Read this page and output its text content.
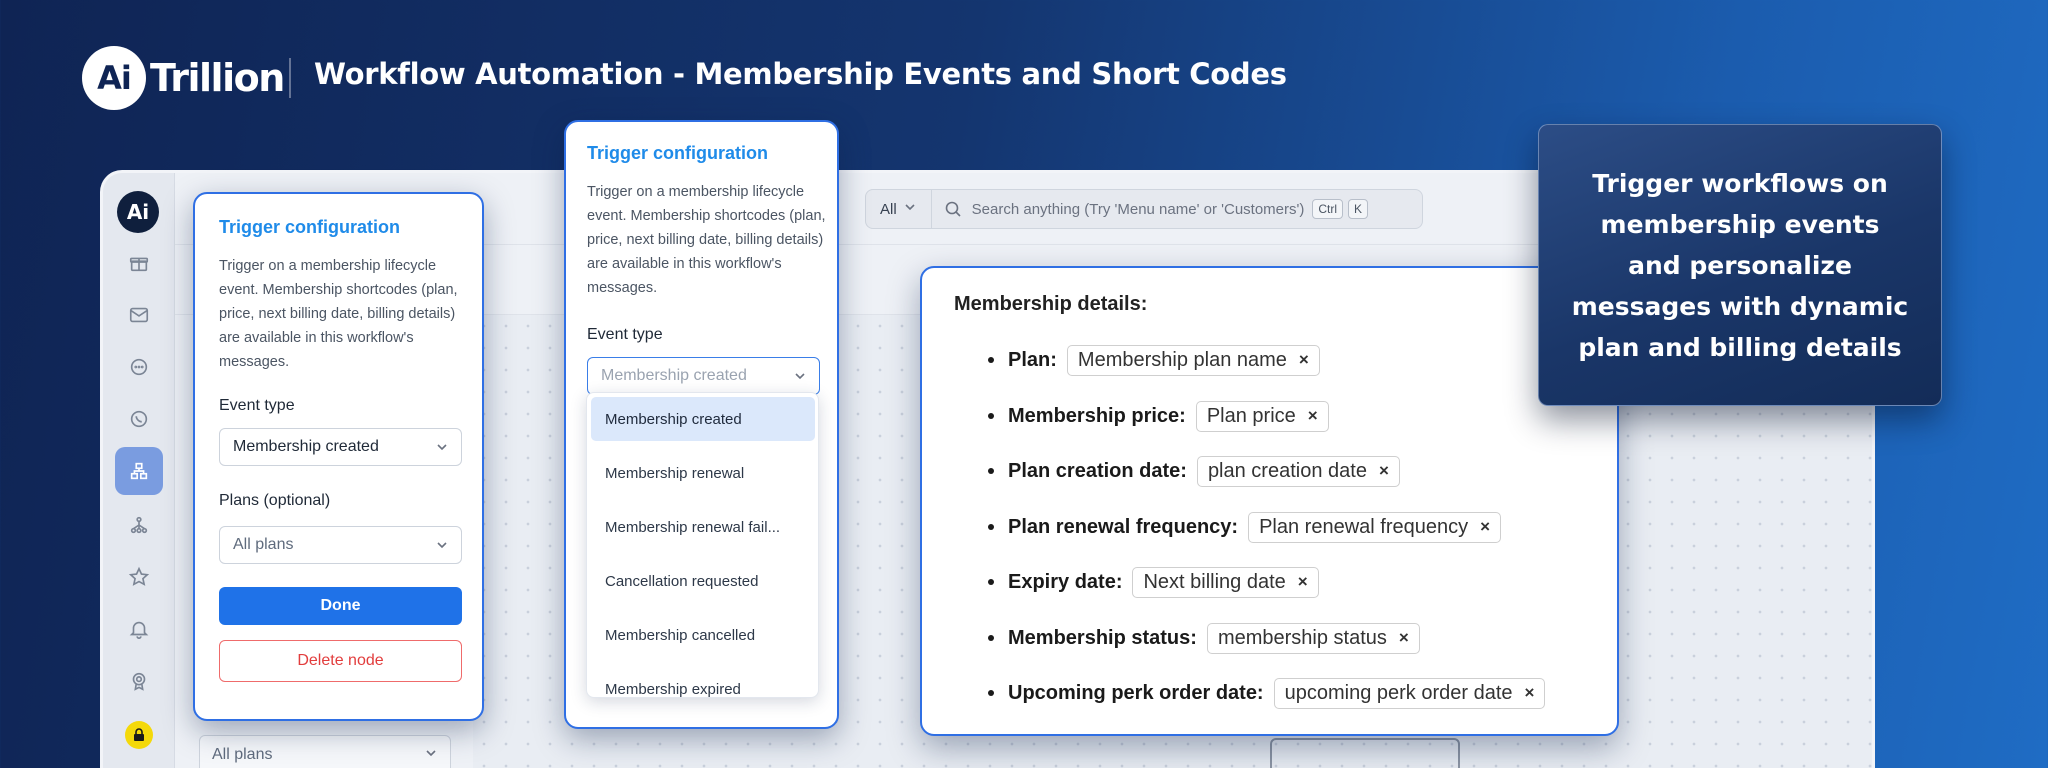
Ai Trillion Workflow Automation - Membership Events and Short Codes
All	Search anything (Try 'Menu name' or 'Customers')	Ctrl	K
Ai
All plans
Trigger configuration
Trigger on a membership lifecycle event. Membership shortcodes (plan, price, next billing date, billing details) are available in this workflow's messages.
Event type
Membership created
Plans (optional)
All plans
Done
Delete node
Trigger configuration
Trigger on a membership lifecycle event. Membership shortcodes (plan, price, next billing date, billing details) are available in this workflow's messages.
Event type
Membership created
Membership created
Membership renewal
Membership renewal fail...
Cancellation requested
Membership cancelled
Membership expired
Membership details:
Plan: Membership plan name ×
Membership price: Plan price ×
Plan creation date: plan creation date ×
Plan renewal frequency: Plan renewal frequency ×
Expiry date: Next billing date ×
Membership status: membership status ×
Upcoming perk order date: upcoming perk order date ×
Trigger workflows on membership events and personalize messages with dynamic plan and billing details
